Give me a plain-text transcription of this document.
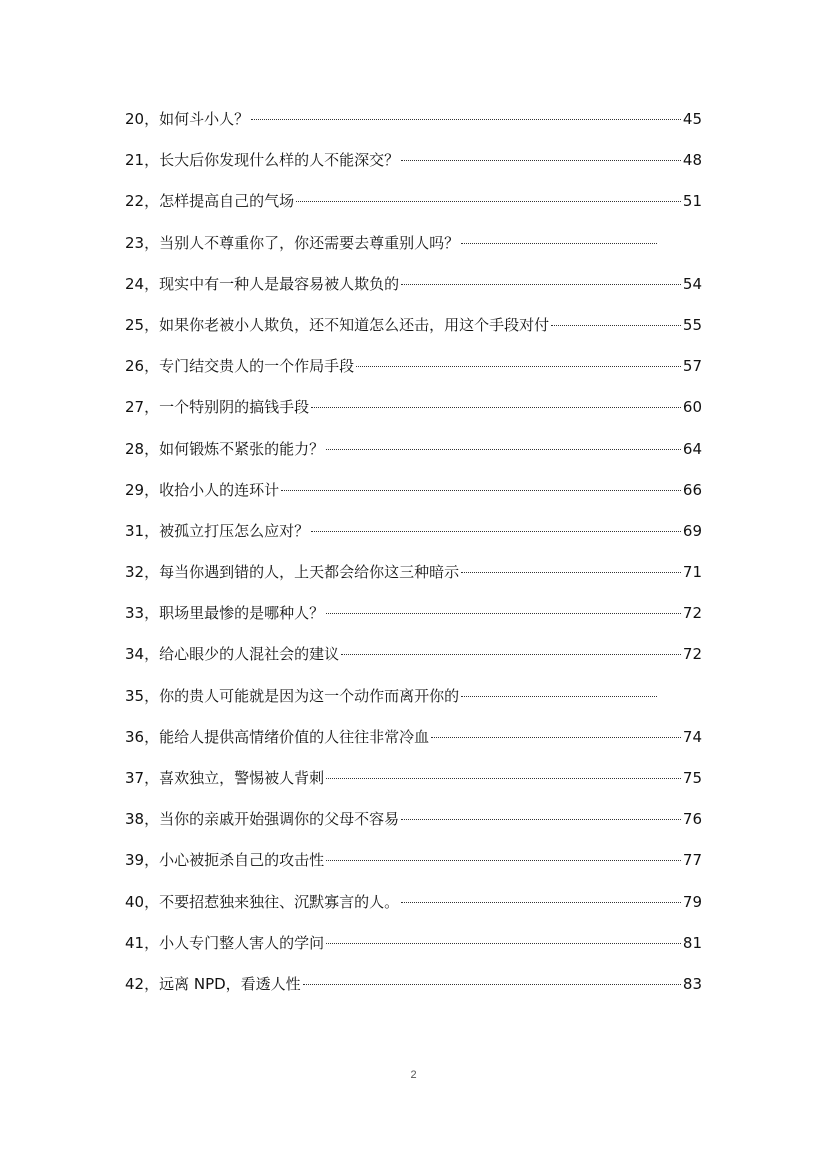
20，如何斗小人？	45
21，长大后你发现什么样的人不能深交？	48
22，怎样提高自己的气场	51
23，当别人不尊重你了，你还需要去尊重别人吗？
24，现实中有一种人是最容易被人欺负的	54
25，如果你老被小人欺负，还不知道怎么还击，用这个手段对付	55
26，专门结交贵人的一个作局手段	57
27，一个特别阴的搞钱手段	60
28，如何锻炼不紧张的能力？	64
29，收拾小人的连环计	66
31，被孤立打压怎么应对？	69
32，每当你遇到错的人，上天都会给你这三种暗示	71
33，职场里最惨的是哪种人？	72
34，给心眼少的人混社会的建议	72
35，你的贵人可能就是因为这一个动作而离开你的
36，能给人提供高情绪价值的人往往非常冷血	74
37，喜欢独立，警惕被人背刺	75
38，当你的亲戚开始强调你的父母不容易	76
39，小心被扼杀自己的攻击性	77
40，不要招惹独来独往、沉默寡言的人。	79
41，小人专门整人害人的学问	81
42，远离 NPD，看透人性	83
2
